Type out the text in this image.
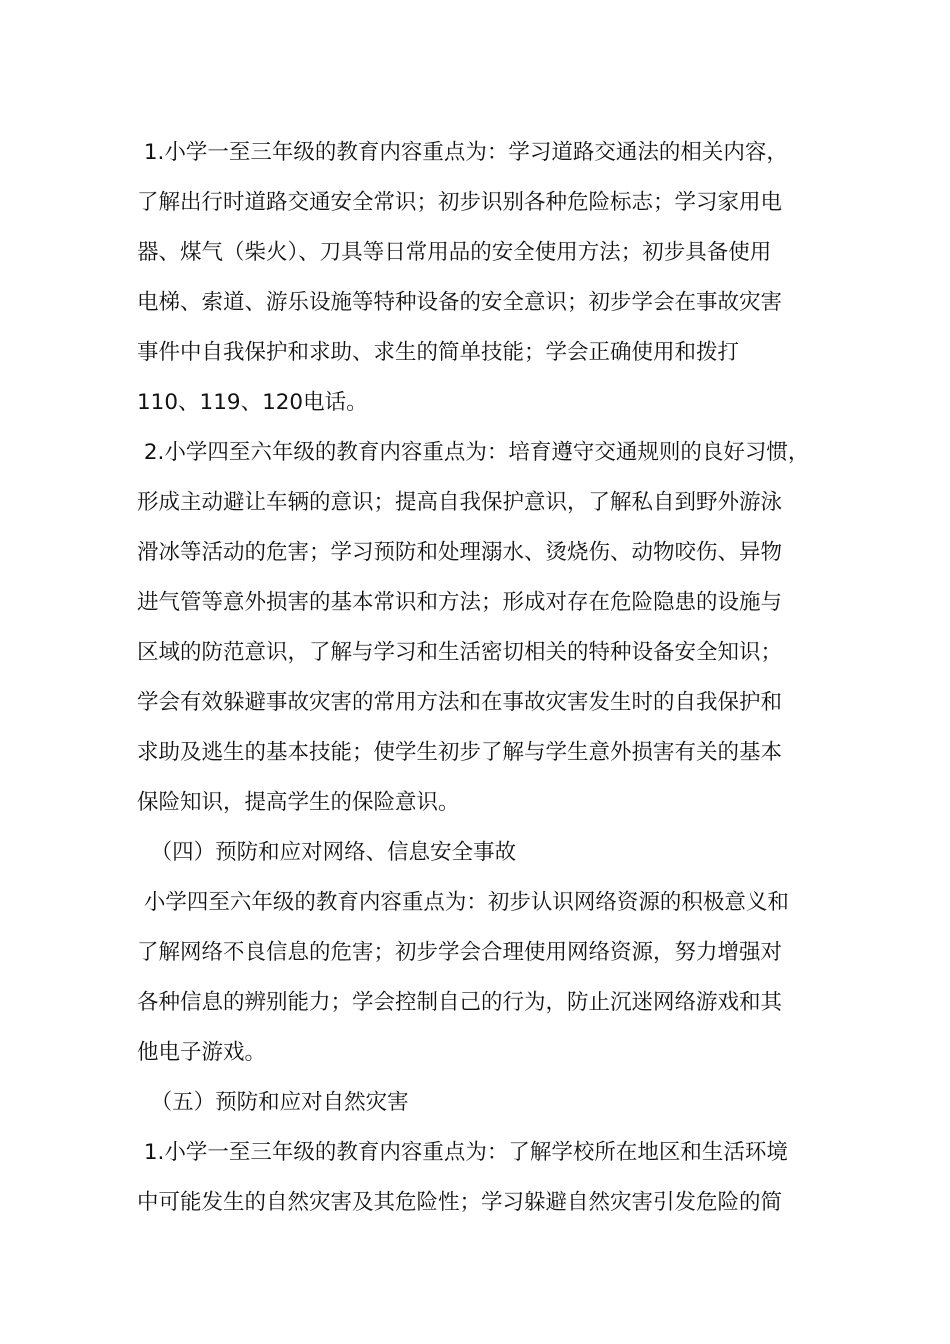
1.小学一至三年级的教育内容重点为：学习道路交通法的相关内容，
了解出行时道路交通安全常识；初步识别各种危险标志；学习家用电
器、煤气（柴火）、刀具等日常用品的安全使用方法；初步具备使用
电梯、索道、游乐设施等特种设备的安全意识；初步学会在事故灾害
事件中自我保护和求助、求生的简单技能；学会正确使用和拨打
110、119、120电话。
2.小学四至六年级的教育内容重点为：培育遵守交通规则的良好习惯，
形成主动避让车辆的意识；提高自我保护意识，了解私自到野外游泳
滑冰等活动的危害；学习预防和处理溺水、烫烧伤、动物咬伤、异物
进气管等意外损害的基本常识和方法；形成对存在危险隐患的设施与
区域的防范意识，了解与学习和生活密切相关的特种设备安全知识；
学会有效躲避事故灾害的常用方法和在事故灾害发生时的自我保护和
求助及逃生的基本技能；使学生初步了解与学生意外损害有关的基本
保险知识，提高学生的保险意识。
（四）预防和应对网络、信息安全事故
小学四至六年级的教育内容重点为：初步认识网络资源的积极意义和
了解网络不良信息的危害；初步学会合理使用网络资源，努力增强对
各种信息的辨别能力；学会控制自己的行为，防止沉迷网络游戏和其
他电子游戏。
（五）预防和应对自然灾害
1.小学一至三年级的教育内容重点为：了解学校所在地区和生活环境
中可能发生的自然灾害及其危险性；学习躲避自然灾害引发危险的简
